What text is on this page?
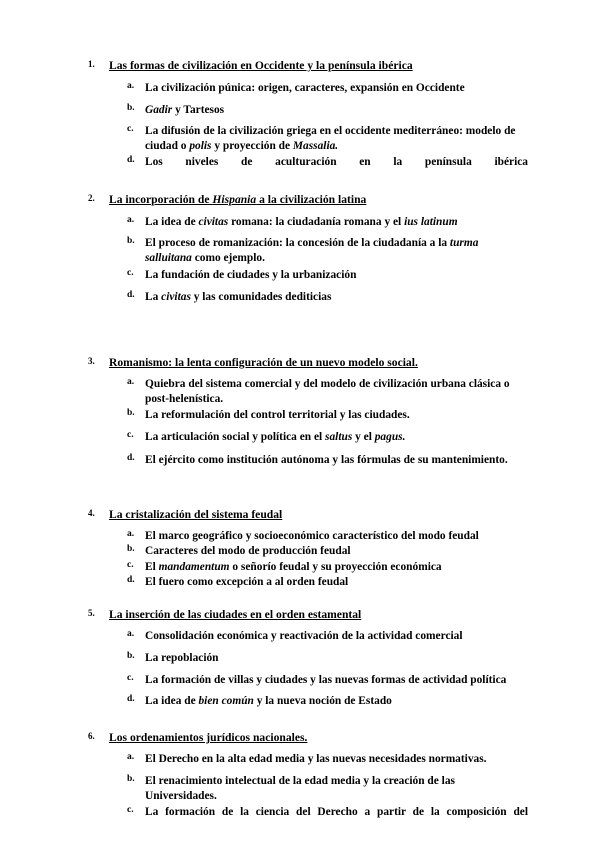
1. Las formas de civilización en Occidente y la península ibérica
a. La civilización púnica: origen, caracteres, expansión en Occidente
b. Gadir y Tartesos
c. La difusión de la civilización griega en el occidente mediterráneo: modelo de ciudad o polis y proyección de Massalia.
d. Los niveles de aculturación en la península ibérica
2. La incorporación de Hispania a la civilización latina
a. La idea de civitas romana: la ciudadanía romana y el ius latinum
b. El proceso de romanización: la concesión de la ciudadanía a la turma salluitana como ejemplo.
c. La fundación de ciudades y la urbanización
d. La civitas y las comunidades dediticias
3. Romanismo: la lenta configuración de un nuevo modelo social.
a. Quiebra del sistema comercial y del modelo de civilización urbana clásica o post-helenística.
b. La reformulación del control territorial y las ciudades.
c. La articulación social y política en el saltus y el pagus.
d. El ejército como institución autónoma y las fórmulas de su mantenimiento.
4. La cristalización del sistema feudal
a. El marco geográfico y socioeconómico característico del modo feudal
b. Caracteres del modo de producción feudal
c. El mandamentum o señorío feudal y su proyección económica
d. El fuero como excepción a al orden feudal
5. La inserción de las ciudades en el orden estamental
a. Consolidación económica y reactivación de la actividad comercial
b. La repoblación
c. La formación de villas y ciudades y las nuevas formas de actividad política
d. La idea de bien común y la nueva noción de Estado
6. Los ordenamientos jurídicos nacionales.
a. El Derecho en la alta edad media y las nuevas necesidades normativas.
b. El renacimiento intelectual de la edad media y la creación de las Universidades.
c. La formación de la ciencia del Derecho a partir de la composición del
